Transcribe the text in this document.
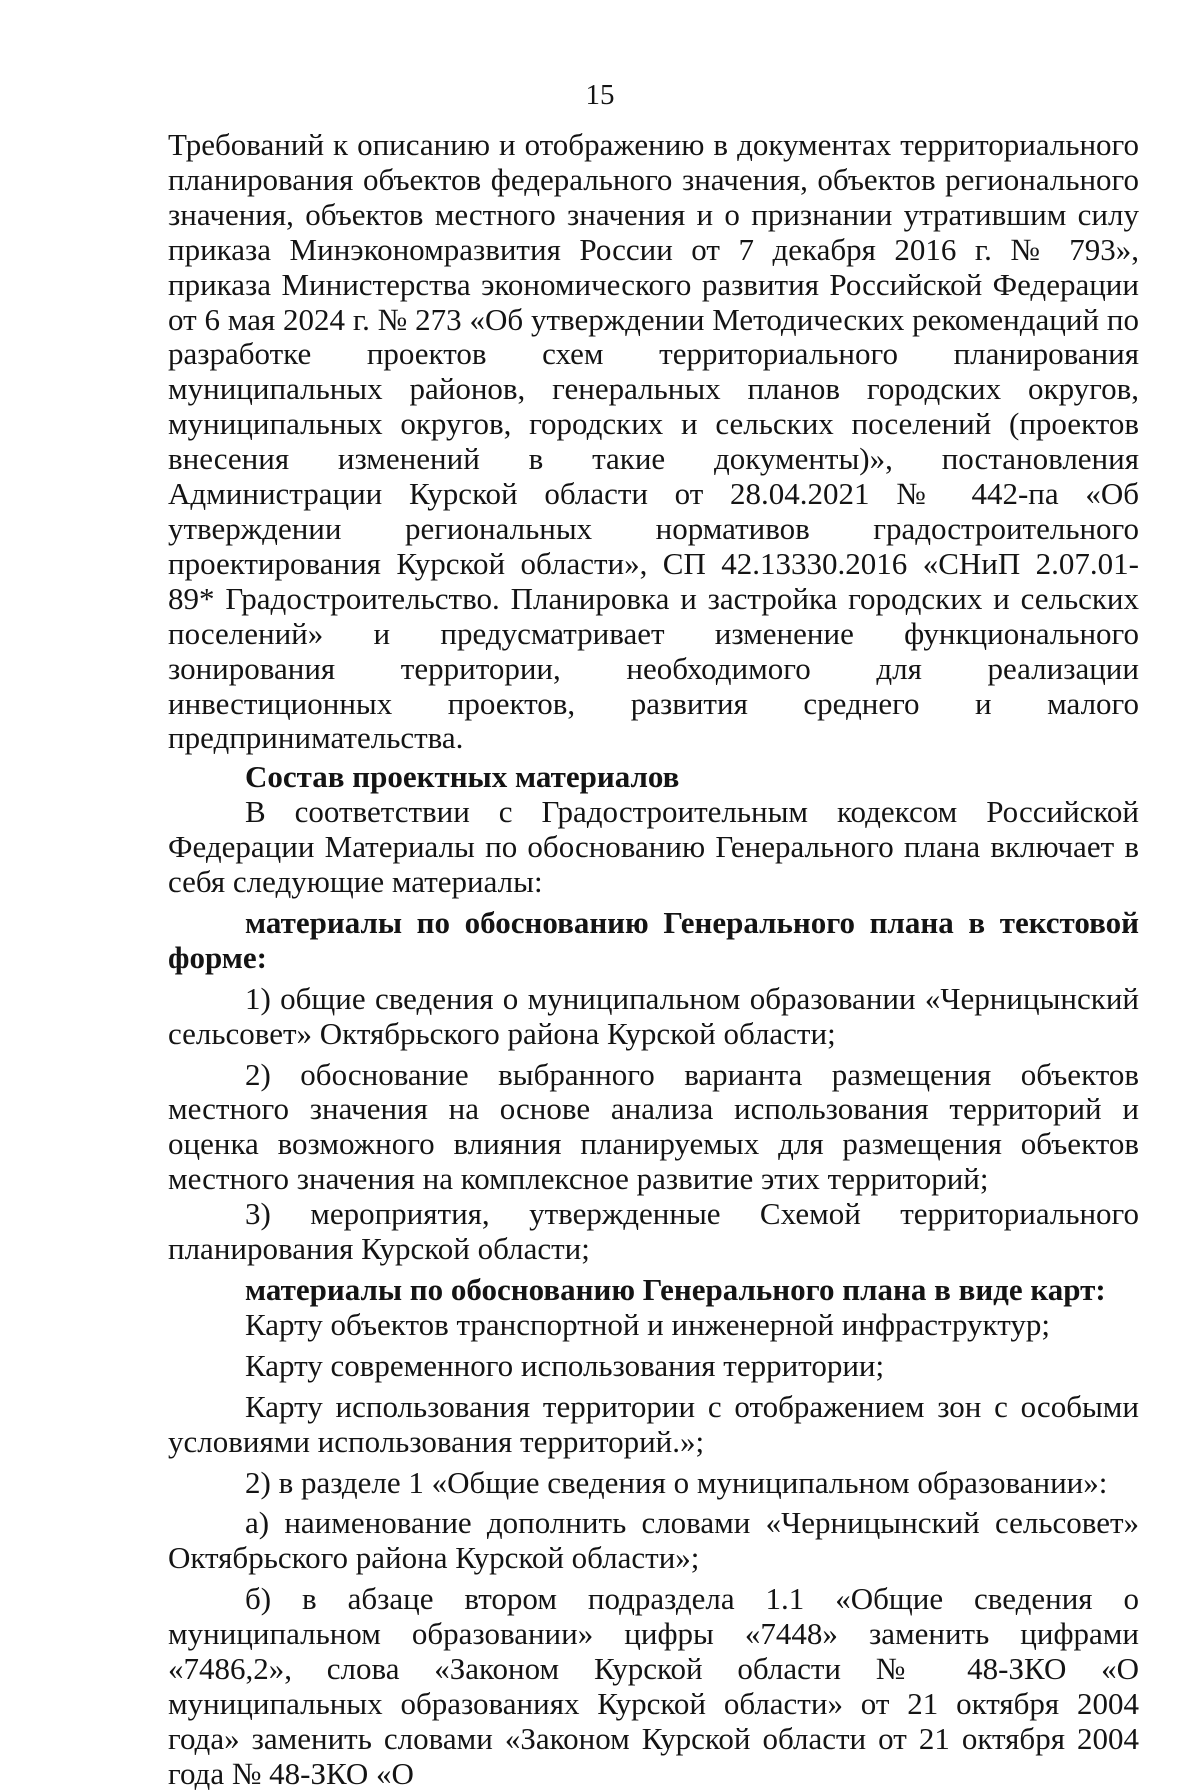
15

Требований к описанию и отображению в документах территориального планирования объектов федерального значения, объектов регионального значения, объектов местного значения и о признании утратившим силу приказа Минэкономразвития России от 7 декабря 2016 г. № 793», приказа Министерства экономического развития Российской Федерации от 6 мая 2024 г. № 273 «Об утверждении Методических рекомендаций по разработке проектов схем территориального планирования муниципальных районов, генеральных планов городских округов, муниципальных округов, городских и сельских поселений (проектов внесения изменений в такие документы)», постановления Администрации Курской области от 28.04.2021 № 442-па «Об утверждении региональных нормативов градостроительного проектирования Курской области», СП 42.13330.2016 «СНиП 2.07.01-89* Градостроительство. Планировка и застройка городских и сельских поселений» и предусматривает изменение функционального зонирования территории, необходимого для реализации инвестиционных проектов, развития среднего и малого предпринимательства.

Состав проектных материалов

В соответствии с Градостроительным кодексом Российской Федерации Материалы по обоснованию Генерального плана включает в себя следующие материалы:

материалы по обоснованию Генерального плана в текстовой форме:

1) общие сведения о муниципальном образовании «Черницынский сельсовет» Октябрьского района Курской области;

2) обоснование выбранного варианта размещения объектов местного значения на основе анализа использования территорий и оценка возможного влияния планируемых для размещения объектов местного значения на комплексное развитие этих территорий;

3) мероприятия, утвержденные Схемой территориального планирования Курской области;

материалы по обоснованию Генерального плана в виде карт:

Карту объектов транспортной и инженерной инфраструктур;

Карту современного использования территории;

Карту использования территории с отображением зон с особыми условиями использования территорий.»;

2) в разделе 1 «Общие сведения о муниципальном образовании»:

а) наименование дополнить словами «Черницынский сельсовет» Октябрьского района Курской области»;

б) в абзаце втором подраздела 1.1 «Общие сведения о муниципальном образовании» цифры «7448» заменить цифрами «7486,2», слова «Законом Курской области № 48-ЗКО «О муниципальных образованиях Курской области» от 21 октября 2004 года» заменить словами «Законом Курской области от 21 октября 2004 года № 48-ЗКО «О
